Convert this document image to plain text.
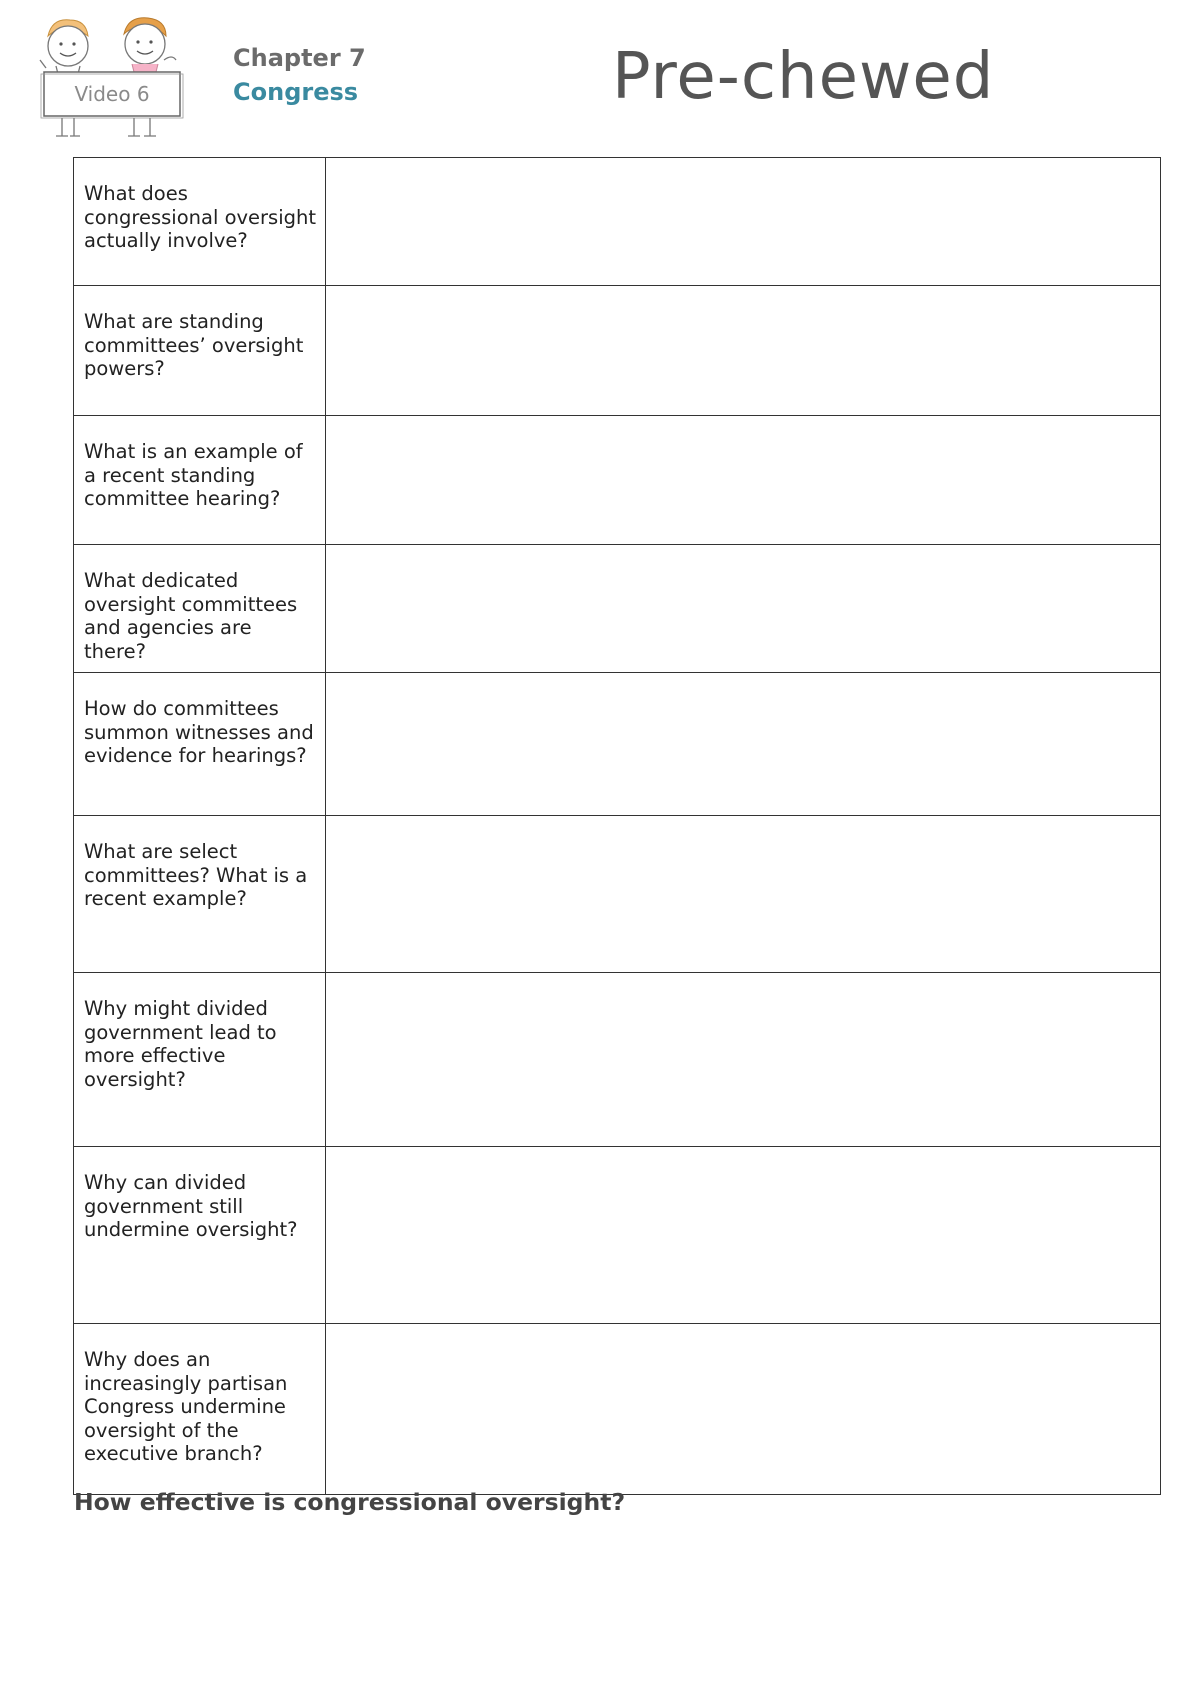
Video 6
Chapter 7
Congress	Pre-chewed
What does congressional oversight actually involve?	
What are standing committees’ oversight powers?	
What is an example of a recent standing committee hearing?	
What dedicated oversight committees and agencies are there?	
How do committees summon witnesses and evidence for hearings?	
What are select committees? What is a recent example?	
Why might divided government lead to more effective oversight?	
Why can divided government still undermine oversight?	
Why does an increasingly partisan Congress undermine oversight of the executive branch?	
How effective is congressional oversight?
